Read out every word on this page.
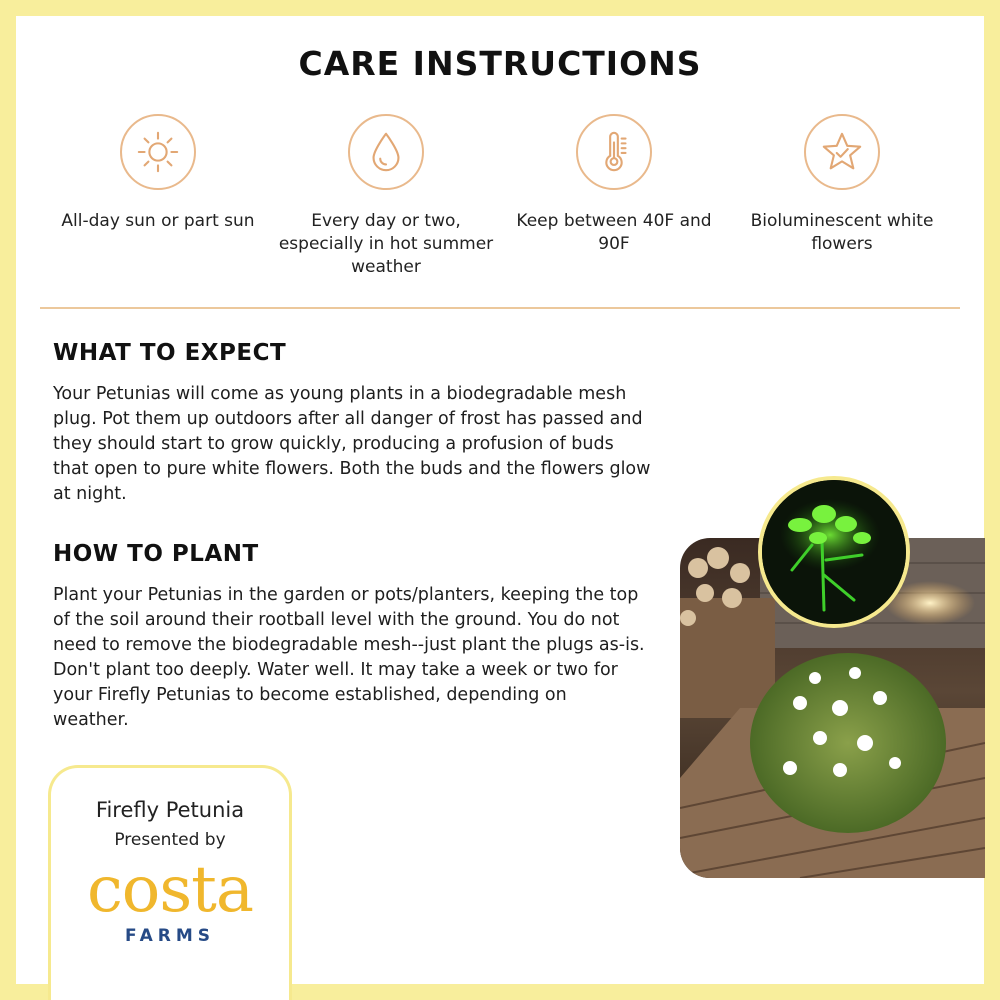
CARE INSTRUCTIONS

All-day sun or part sun	Every day or two, especially in hot summer weather

Keep between 40F and 90F

Bioluminescent white flowers

WHAT TO EXPECT

Your Petunias will come as young plants in a biodegradable mesh plug. Pot them up outdoors after all danger of frost has passed and they should start to grow quickly, producing a profusion of buds that open to pure white flowers. Both the buds and the flowers glow at night.

HOW TO PLANT

Plant your Petunias in the garden or pots/planters, keeping the top of the soil around their rootball level with the ground. You do not need to remove the biodegradable mesh--just plant the plugs as-is. Don't plant too deeply. Water well. It may take a week or two for your Firefly Petunias to become established, depending on weather.

Firefly Petunia

Presented by

costa
FARMS
